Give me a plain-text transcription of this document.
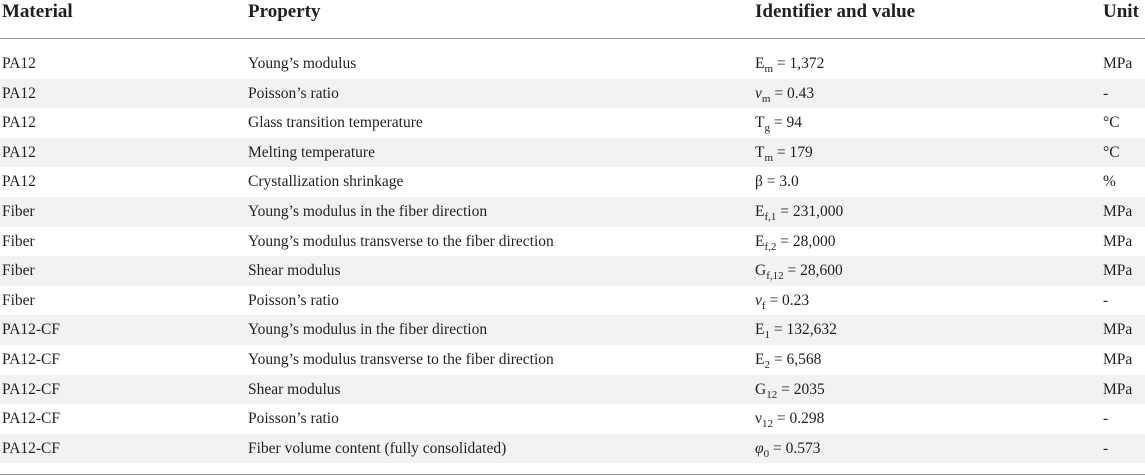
Material	Property	Identifier and value	Unit
PA12	Young’s modulus	$E_m = 1,372$	MPa
PA12	Poisson’s ratio	$\nu_m = 0.43$	-
PA12	Glass transition temperature	$T_g = 94$	°C
PA12	Melting temperature	$T_m = 179$	°C
PA12	Crystallization shrinkage	β = 3.0	%
Fiber	Young’s modulus in the fiber direction	$E_{f,1} = 231,000$	MPa
Fiber	Young’s modulus transverse to the fiber direction	$E_{f,2} = 28,000$	MPa
Fiber	Shear modulus	$G_{f,12} = 28,600$	MPa
Fiber	Poisson’s ratio	$\nu_f = 0.23$	-
PA12-CF	Young’s modulus in the fiber direction	$E_1 = 132,632$	MPa
PA12-CF	Young’s modulus transverse to the fiber direction	$E_2 = 6,568$	MPa
PA12-CF	Shear modulus	$G_{12} = 2035$	MPa
PA12-CF	Poisson’s ratio	$\nu_{12} = 0.298$	-
PA12-CF	Fiber volume content (fully consolidated)	$\varphi_0 = 0.573$	-
